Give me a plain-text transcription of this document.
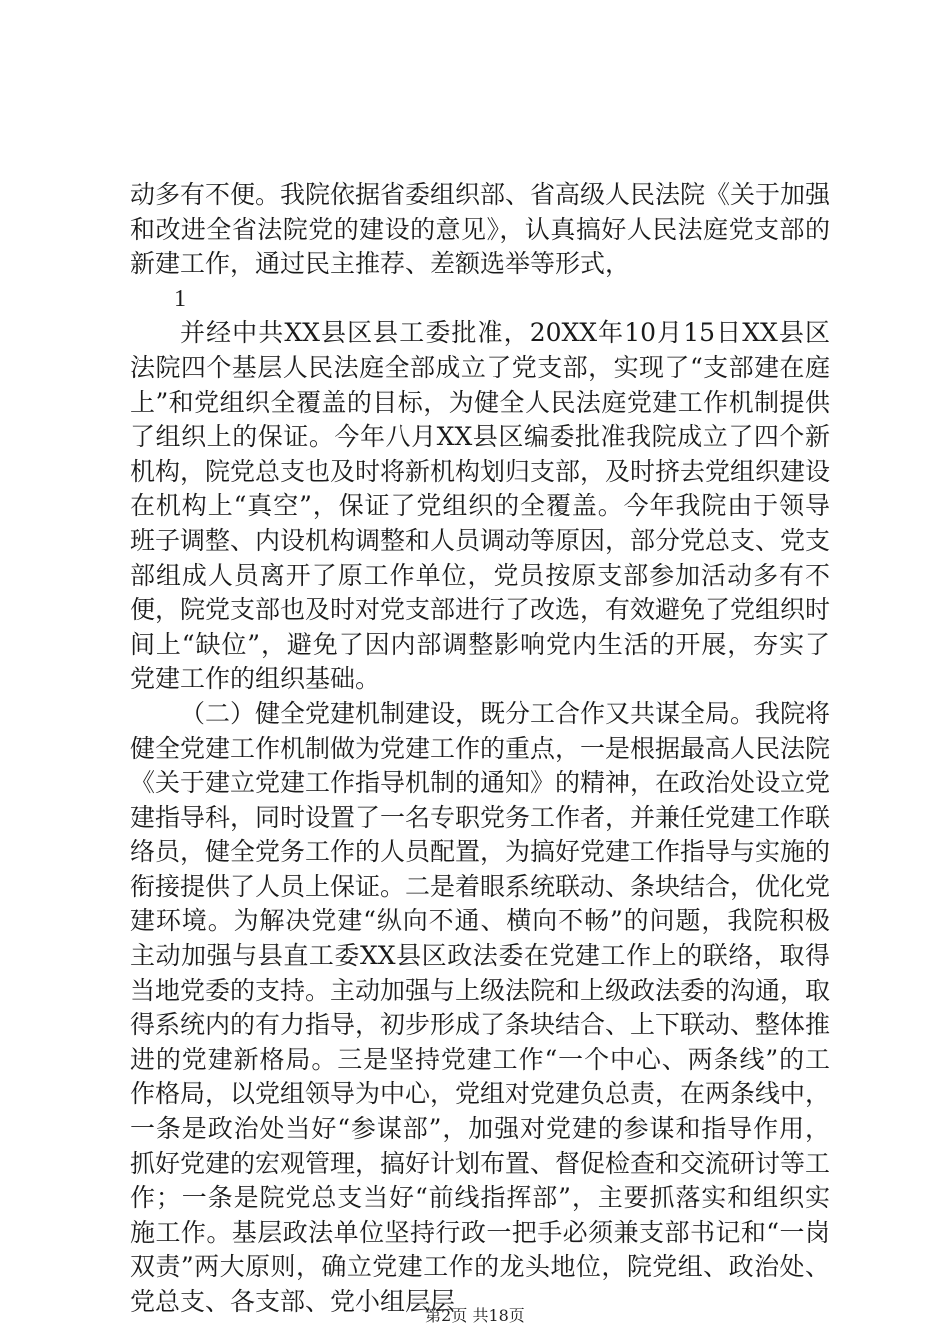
动多有不便。我院依据省委组织部、省高级人民法院《关于加强和改进全省法院党的建设的意见》，认真搞好人民法庭党支部的新建工作，通过民主推荐、差额选举等形式，

1

并经中共XX县区县工委批准，20XX年10月15日XX县区法院四个基层人民法庭全部成立了党支部，实现了“支部建在庭上”和党组织全覆盖的目标，为健全人民法庭党建工作机制提供了组织上的保证。今年八月XX县区编委批准我院成立了四个新机构，院党总支也及时将新机构划归支部，及时挤去党组织建设在机构上“真空”，保证了党组织的全覆盖。今年我院由于领导班子调整、内设机构调整和人员调动等原因，部分党总支、党支部组成人员离开了原工作单位，党员按原支部参加活动多有不便，院党支部也及时对党支部进行了改选，有效避免了党组织时间上“缺位”，避免了因内部调整影响党内生活的开展，夯实了党建工作的组织基础。

（二）健全党建机制建设，既分工合作又共谋全局。我院将健全党建工作机制做为党建工作的重点，一是根据最高人民法院《关于建立党建工作指导机制的通知》的精神，在政治处设立党建指导科，同时设置了一名专职党务工作者，并兼任党建工作联络员，健全党务工作的人员配置，为搞好党建工作指导与实施的衔接提供了人员上保证。二是着眼系统联动、条块结合，优化党建环境。为解决党建“纵向不通、横向不畅”的问题，我院积极主动加强与县直工委XX县区政法委在党建工作上的联络，取得当地党委的支持。主动加强与上级法院和上级政法委的沟通，取得系统内的有力指导，初步形成了条块结合、上下联动、整体推进的党建新格局。三是坚持党建工作“一个中心、两条线”的工作格局，以党组领导为中心，党组对党建负总责，在两条线中，一条是政治处当好“参谋部”，加强对党建的参谋和指导作用，抓好党建的宏观管理，搞好计划布置、督促检查和交流研讨等工作；一条是院党总支当好“前线指挥部”，主要抓落实和组织实施工作。基层政法单位坚持行政一把手必须兼支部书记和“一岗双责”两大原则，确立党建工作的龙头地位，院党组、政治处、党总支、各支部、党小组层层

第2页 共18页
